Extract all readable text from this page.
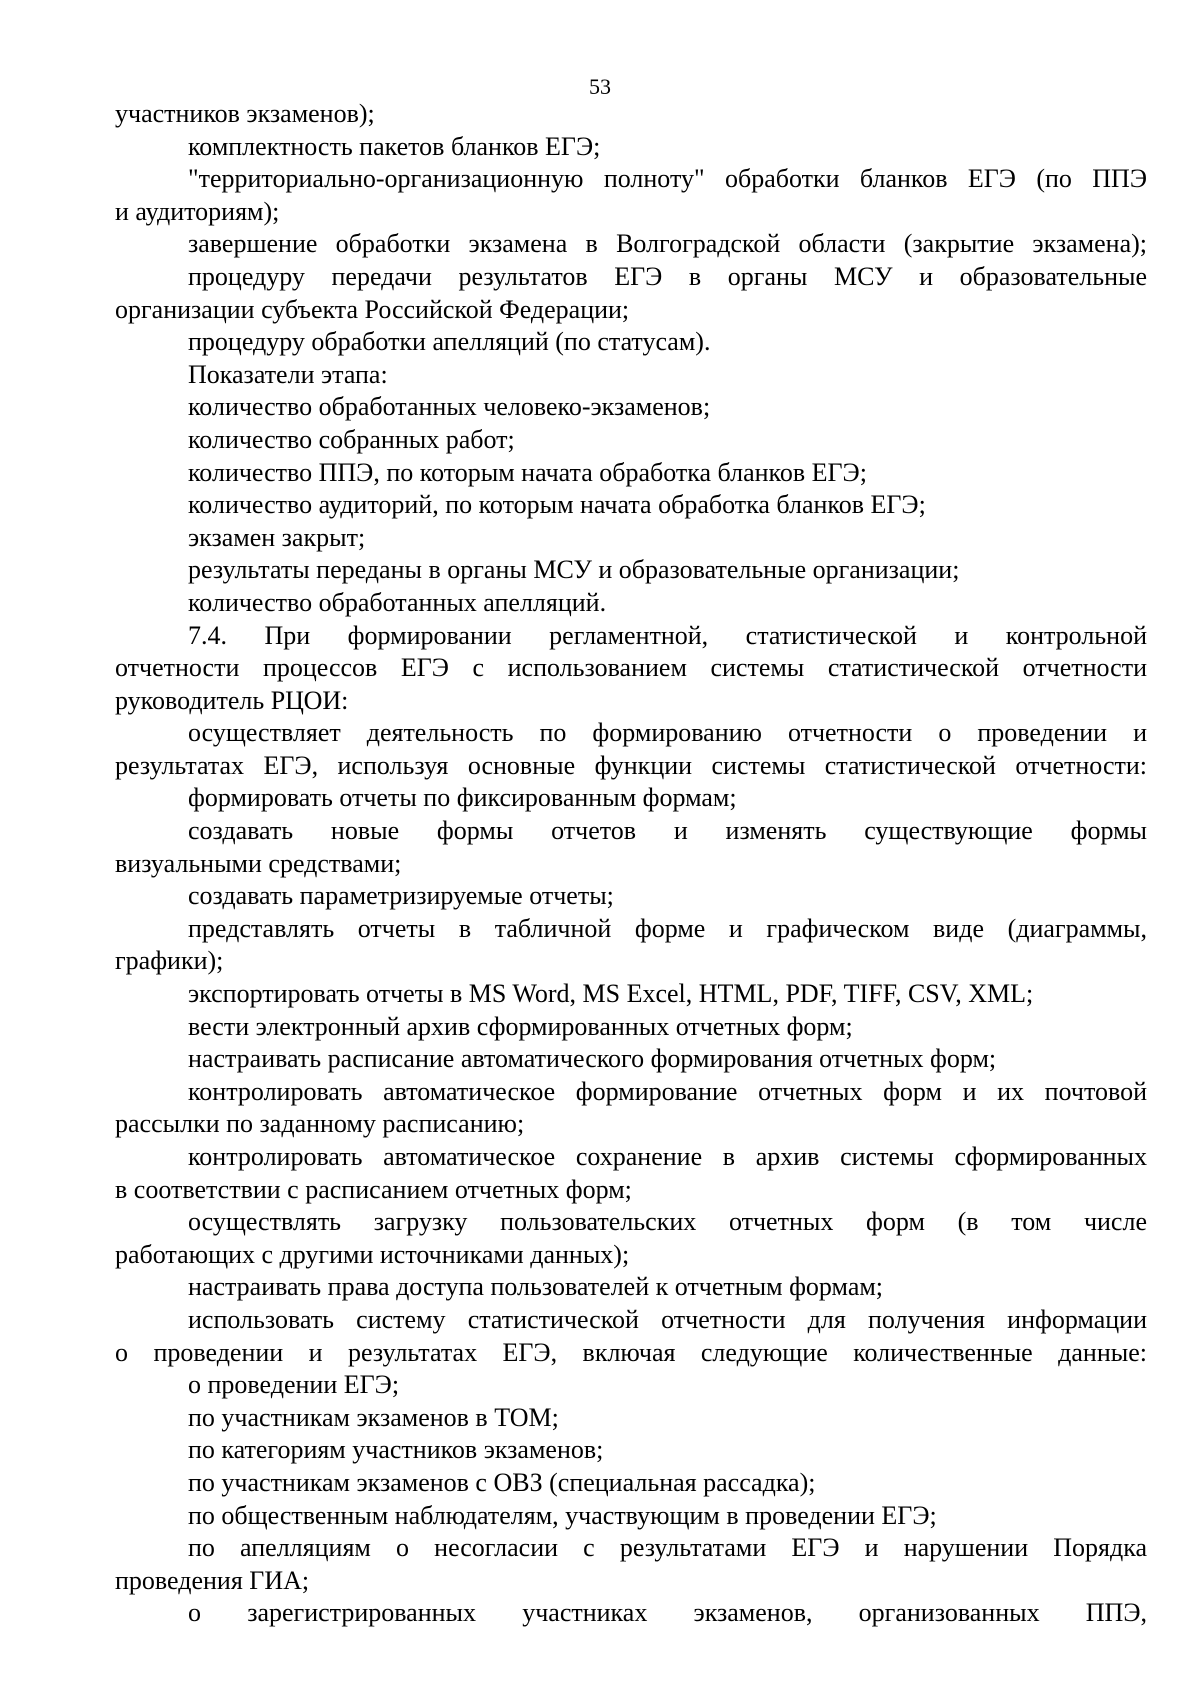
53
участников экзаменов);
комплектность пакетов бланков ЕГЭ;
"территориально-организационную полноту" обработки бланков ЕГЭ (по ППЭ
и аудиториям);
завершение обработки экзамена в Волгоградской области (закрытие экзамена);
процедуру передачи результатов ЕГЭ в органы МСУ и образовательные
организации субъекта Российской Федерации;
процедуру обработки апелляций (по статусам).
Показатели этапа:
количество обработанных человеко-экзаменов;
количество собранных работ;
количество ППЭ, по которым начата обработка бланков ЕГЭ;
количество аудиторий, по которым начата обработка бланков ЕГЭ;
экзамен закрыт;
результаты переданы в органы МСУ и образовательные организации;
количество обработанных апелляций.
7.4. При формировании регламентной, статистической и контрольной
отчетности процессов ЕГЭ с использованием системы статистической отчетности
руководитель РЦОИ:
осуществляет деятельность по формированию отчетности о проведении и
результатах ЕГЭ, используя основные функции системы статистической отчетности:
формировать отчеты по фиксированным формам;
создавать новые формы отчетов и изменять существующие формы
визуальными средствами;
создавать параметризируемые отчеты;
представлять отчеты в табличной форме и графическом виде (диаграммы,
графики);
экспортировать отчеты в MS Word, MS Excel, HTML, PDF, TIFF, CSV, XML;
вести электронный архив сформированных отчетных форм;
настраивать расписание автоматического формирования отчетных форм;
контролировать автоматическое формирование отчетных форм и их почтовой
рассылки по заданному расписанию;
контролировать автоматическое сохранение в архив системы сформированных
в соответствии с расписанием отчетных форм;
осуществлять загрузку пользовательских отчетных форм (в том числе
работающих с другими источниками данных);
настраивать права доступа пользователей к отчетным формам;
использовать систему статистической отчетности для получения информации
о проведении и результатах ЕГЭ, включая следующие количественные данные:
о проведении ЕГЭ;
по участникам экзаменов в ТОМ;
по категориям участников экзаменов;
по участникам экзаменов с ОВЗ (специальная рассадка);
по общественным наблюдателям, участвующим в проведении ЕГЭ;
по апелляциям о несогласии с результатами ЕГЭ и нарушении Порядка
проведения ГИА;
о зарегистрированных участниках экзаменов, организованных ППЭ,
